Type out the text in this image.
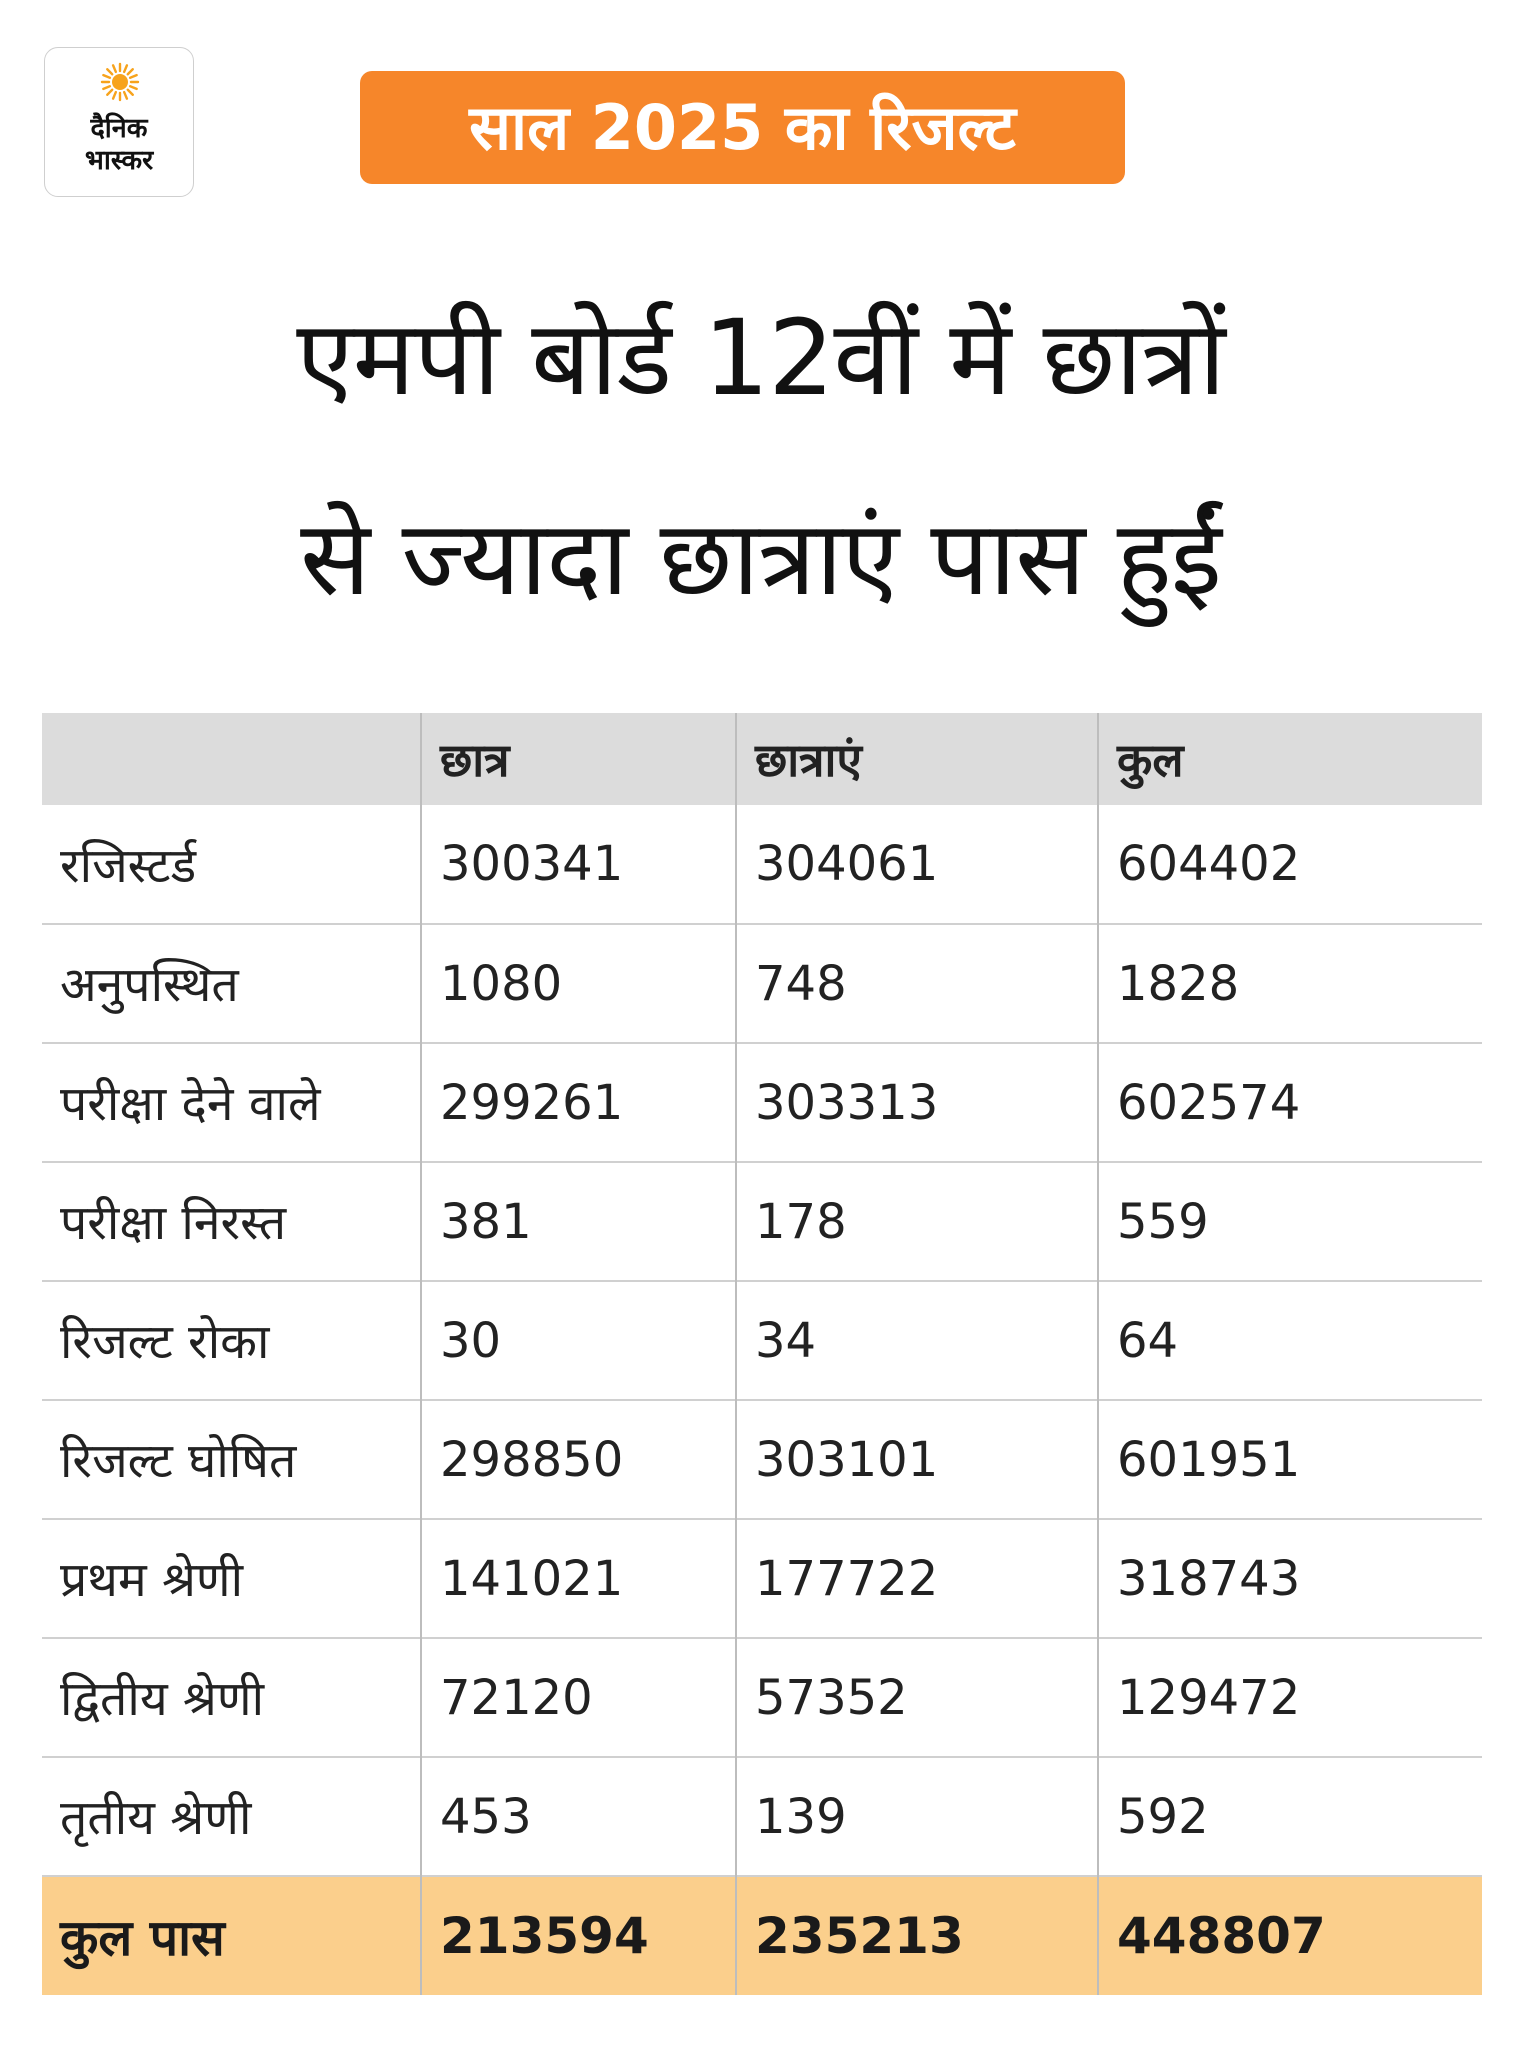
दैनिक
भास्कर	साल 2025 का रिजल्ट
एमपी बोर्ड 12वीं में छात्रों
से ज्यादा छात्राएं पास हुईं
	छात्र	छात्राएं	कुल
रजिस्टर्ड	300341	304061	604402
अनुपस्थित	1080	748	1828
परीक्षा देने वाले	299261	303313	602574
परीक्षा निरस्त	381	178	559
रिजल्ट रोका	30	34	64
रिजल्ट घोषित	298850	303101	601951
प्रथम श्रेणी	141021	177722	318743
द्वितीय श्रेणी	72120	57352	129472
तृतीय श्रेणी	453	139	592
कुल पास	213594	235213	448807
